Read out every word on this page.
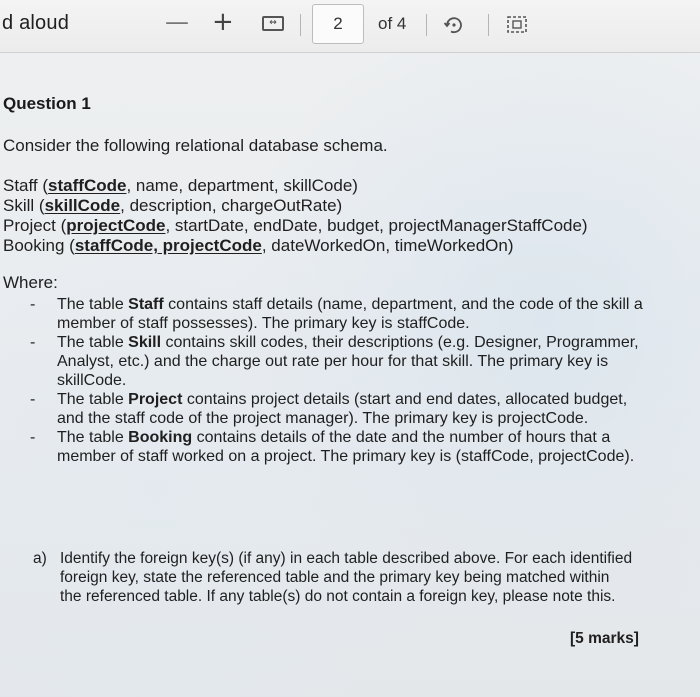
d aloud	— +	↔	2	of 4
Question 1
Consider the following relational database schema.
Staff (staffCode, name, department, skillCode)
Skill (skillCode, description, chargeOutRate)
Project (projectCode, startDate, endDate, budget, projectManagerStaffCode)
Booking (staffCode, projectCode, dateWorkedOn, timeWorkedOn)
Where:
- The table Staff contains staff details (name, department, and the code of the skill a member of staff possesses). The primary key is staffCode.
- The table Skill contains skill codes, their descriptions (e.g. Designer, Programmer, Analyst, etc.) and the charge out rate per hour for that skill. The primary key is skillCode.
- The table Project contains project details (start and end dates, allocated budget, and the staff code of the project manager). The primary key is projectCode.
- The table Booking contains details of the date and the number of hours that a member of staff worked on a project. The primary key is (staffCode, projectCode).
a) Identify the foreign key(s) (if any) in each table described above. For each identified foreign key, state the referenced table and the primary key being matched within the referenced table. If any table(s) do not contain a foreign key, please note this.
[5 marks]
